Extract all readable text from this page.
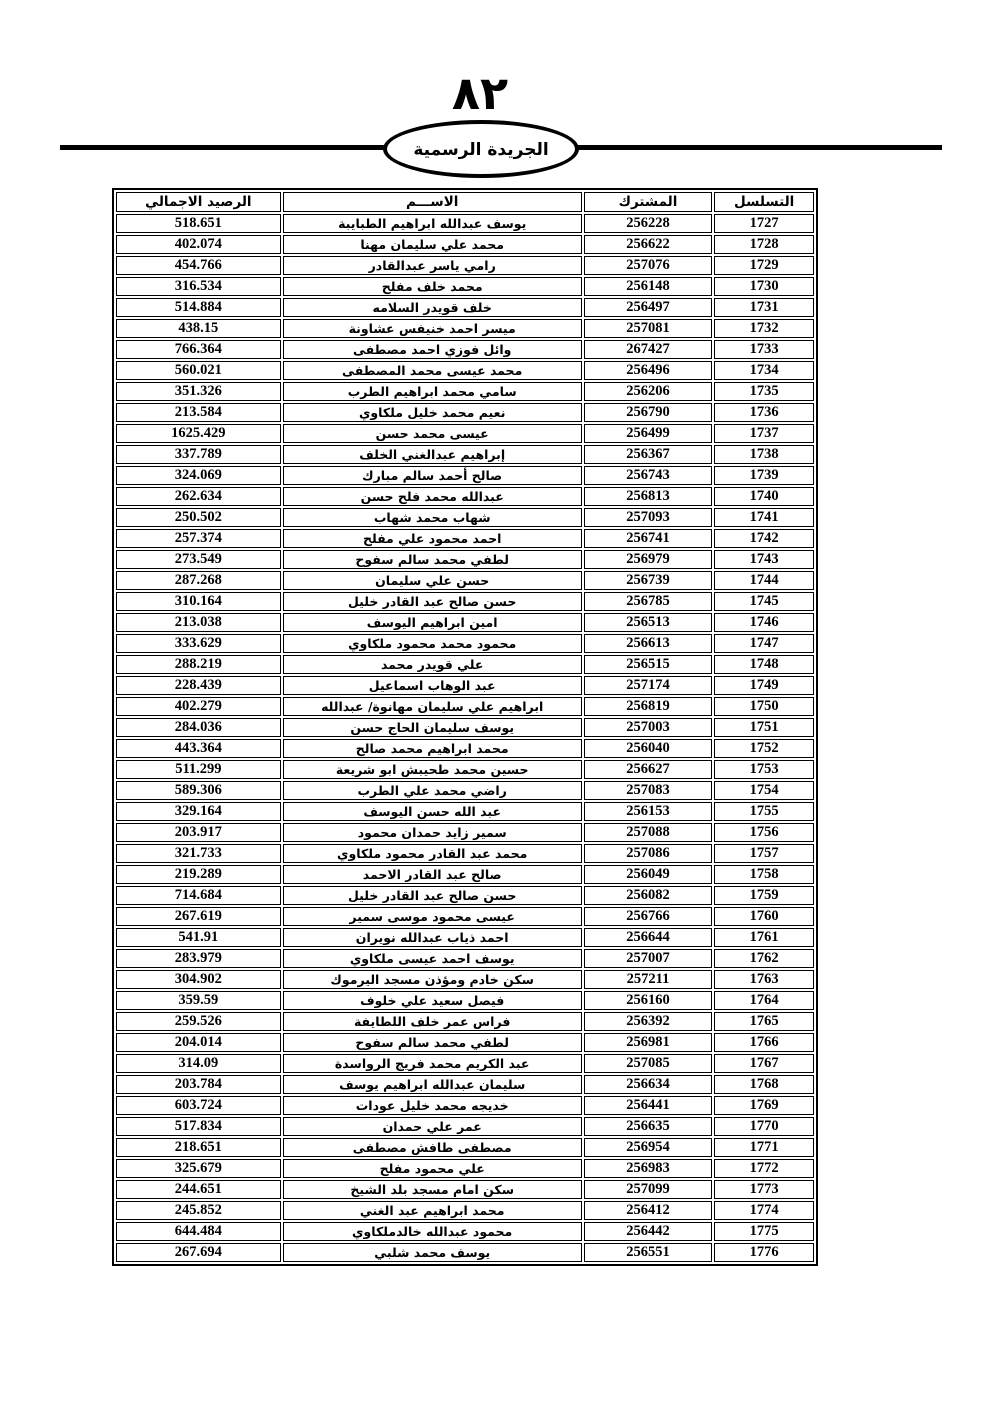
٨٢
الجريدة الرسمية
التسلسل	المشترك	الاســـم	الرصيد الاجمالي
1727	256228	يوسف عبدالله ابراهيم الطبايبة	518.651
1728	256622	محمد علي سليمان مهنا	402.074
1729	257076	رامي ياسر عبدالقادر	454.766
1730	256148	محمد خلف مفلح	316.534
1731	256497	خلف قويدر السلامه	514.884
1732	257081	ميسر احمد خنيفس عشاونة	438.15
1733	267427	وائل فوزي احمد مصطفى	766.364
1734	256496	محمد عيسى محمد المصطفى	560.021
1735	256206	سامي محمد ابراهيم الطرب	351.326
1736	256790	نعيم محمد خليل ملكاوي	213.584
1737	256499	عيسى محمد حسن	1625.429
1738	256367	إبراهيم عبدالغني الخلف	337.789
1739	256743	صالح أحمد سالم مبارك	324.069
1740	256813	عبدالله محمد فلح حسن	262.634
1741	257093	شهاب محمد شهاب	250.502
1742	256741	احمد محمود علي مفلح	257.374
1743	256979	لطفي محمد سالم سفوح	273.549
1744	256739	حسن علي سليمان	287.268
1745	256785	حسن صالح عبد القادر خليل	310.164
1746	256513	امين ابراهيم اليوسف	213.038
1747	256613	محمود محمد محمود ملكاوي	333.629
1748	256515	علي قويدر محمد	288.219
1749	257174	عبد الوهاب اسماعيل	228.439
1750	256819	ابراهيم علي سليمان مهانوة/ عبدالله	402.279
1751	257003	يوسف سليمان الحاج حسن	284.036
1752	256040	محمد ابراهيم محمد صالح	443.364
1753	256627	حسين محمد طحيبش ابو شريعة	511.299
1754	257083	راضي محمد علي الطرب	589.306
1755	256153	عبد الله حسن اليوسف	329.164
1756	257088	سمير زايد حمدان محمود	203.917
1757	257086	محمد عبد القادر محمود ملكاوي	321.733
1758	256049	صالح عبد القادر الاحمد	219.289
1759	256082	حسن صالح عبد القادر خليل	714.684
1760	256766	عيسى محمود موسى سمير	267.619
1761	256644	احمد ذياب عبدالله نويران	541.91
1762	257007	يوسف احمد عيسى ملكاوي	283.979
1763	257211	سكن خادم ومؤذن مسجد اليرموك	304.902
1764	256160	فيصل سعيد علي خلوف	359.59
1765	256392	فراس عمر خلف اللطايفة	259.526
1766	256981	لطفي محمد سالم سفوح	204.014
1767	257085	عبد الكريم محمد فريج الرواسدة	314.09
1768	256634	سليمان عبدالله ابراهيم يوسف	203.784
1769	256441	خديجه محمد خليل عودات	603.724
1770	256635	عمر علي حمدان	517.834
1771	256954	مصطفى طافش مصطفى	218.651
1772	256983	علي محمود مفلح	325.679
1773	257099	سكن امام مسجد بلد الشيخ	244.651
1774	256412	محمد ابراهيم عبد الغني	245.852
1775	256442	محمود عبدالله خالدملكاوي	644.484
1776	256551	يوسف محمد شلبي	267.694
